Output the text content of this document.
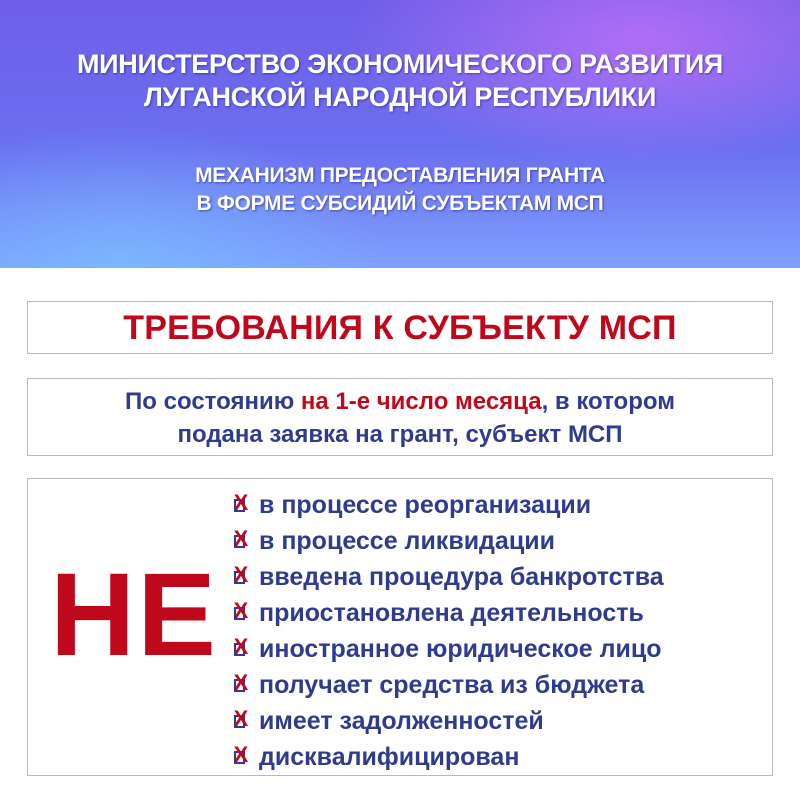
МИНИСТЕРСТВО ЭКОНОМИЧЕСКОГО РАЗВИТИЯ
ЛУГАНСКОЙ НАРОДНОЙ РЕСПУБЛИКИ
МЕХАНИЗМ ПРЕДОСТАВЛЕНИЯ ГРАНТА
В ФОРМЕ СУБСИДИЙ СУБЪЕКТАМ МСП
ТРЕБОВАНИЯ К СУБЪЕКТУ МСП
По состоянию на 1-е число месяца, в котором
подана заявка на грант, субъект МСП
НЕ
X в процессе реорганизации
X в процессе ликвидации
X введена процедура банкротства
X приостановлена деятельность
X иностранное юридическое лицо
X получает средства из бюджета
X имеет задолженностей
X дисквалифицирован
